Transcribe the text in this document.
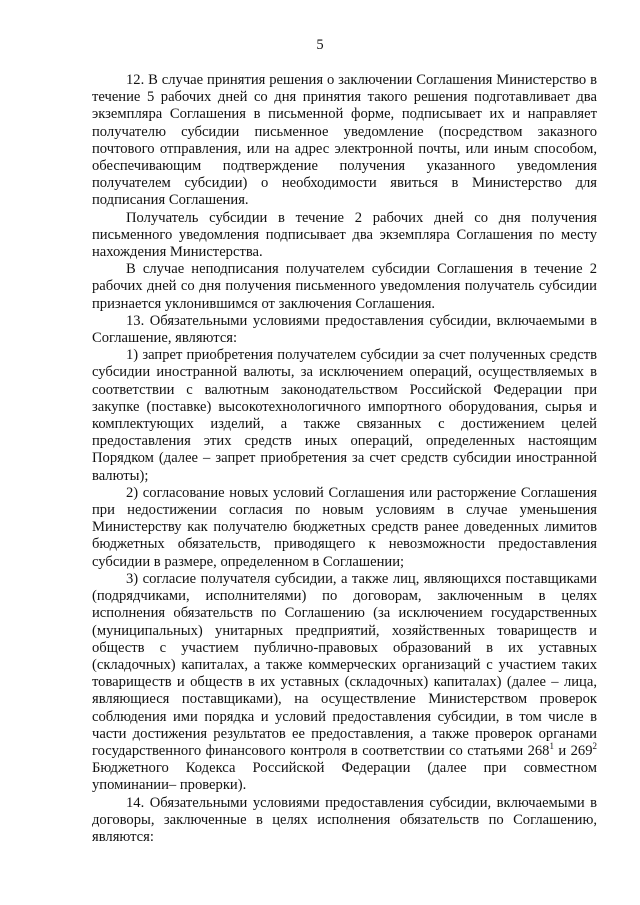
5

12. В случае принятия решения о заключении Соглашения Министерство в течение 5 рабочих дней со дня принятия такого решения подготавливает два экземпляра Соглашения в письменной форме, подписывает их и направляет получателю субсидии письменное уведомление (посредством заказного почтового отправления, или на адрес электронной почты, или иным способом, обеспечивающим подтверждение получения указанного уведомления получателем субсидии) о необходимости явиться в Министерство для подписания Соглашения.

Получатель субсидии в течение 2 рабочих дней со дня получения письменного уведомления подписывает два экземпляра Соглашения по месту нахождения Министерства.

В случае неподписания получателем субсидии Соглашения в течение 2 рабочих дней со дня получения письменного уведомления получатель субсидии признается уклонившимся от заключения Соглашения.

13. Обязательными условиями предоставления субсидии, включаемыми в Соглашение, являются:

1) запрет приобретения получателем субсидии за счет полученных средств субсидии иностранной валюты, за исключением операций, осуществляемых в соответствии с валютным законодательством Российской Федерации при закупке (поставке) высокотехнологичного импортного оборудования, сырья и комплектующих изделий, а также связанных с достижением целей предоставления этих средств иных операций, определенных настоящим Порядком (далее – запрет приобретения за счет средств субсидии иностранной валюты);

2) согласование новых условий Соглашения или расторжение Соглашения при недостижении согласия по новым условиям в случае уменьшения Министерству как получателю бюджетных средств ранее доведенных лимитов бюджетных обязательств, приводящего к невозможности предоставления субсидии в размере, определенном в Соглашении;

3) согласие получателя субсидии, а также лиц, являющихся поставщиками (подрядчиками, исполнителями) по договорам, заключенным в целях исполнения обязательств по Соглашению (за исключением государственных (муниципальных) унитарных предприятий, хозяйственных товариществ и обществ с участием публично-правовых образований в их уставных (складочных) капиталах, а также коммерческих организаций с участием таких товариществ и обществ в их уставных (складочных) капиталах) (далее – лица, являющиеся поставщиками), на осуществление Министерством проверок соблюдения ими порядка и условий предоставления субсидии, в том числе в части достижения результатов ее предоставления, а также проверок органами государственного финансового контроля в соответствии со статьями $268^1$ и $269^2$ Бюджетного Кодекса Российской Федерации (далее при совместном упоминании– проверки).

14. Обязательными условиями предоставления субсидии, включаемыми в договоры, заключенные в целях исполнения обязательств по Соглашению, являются:
